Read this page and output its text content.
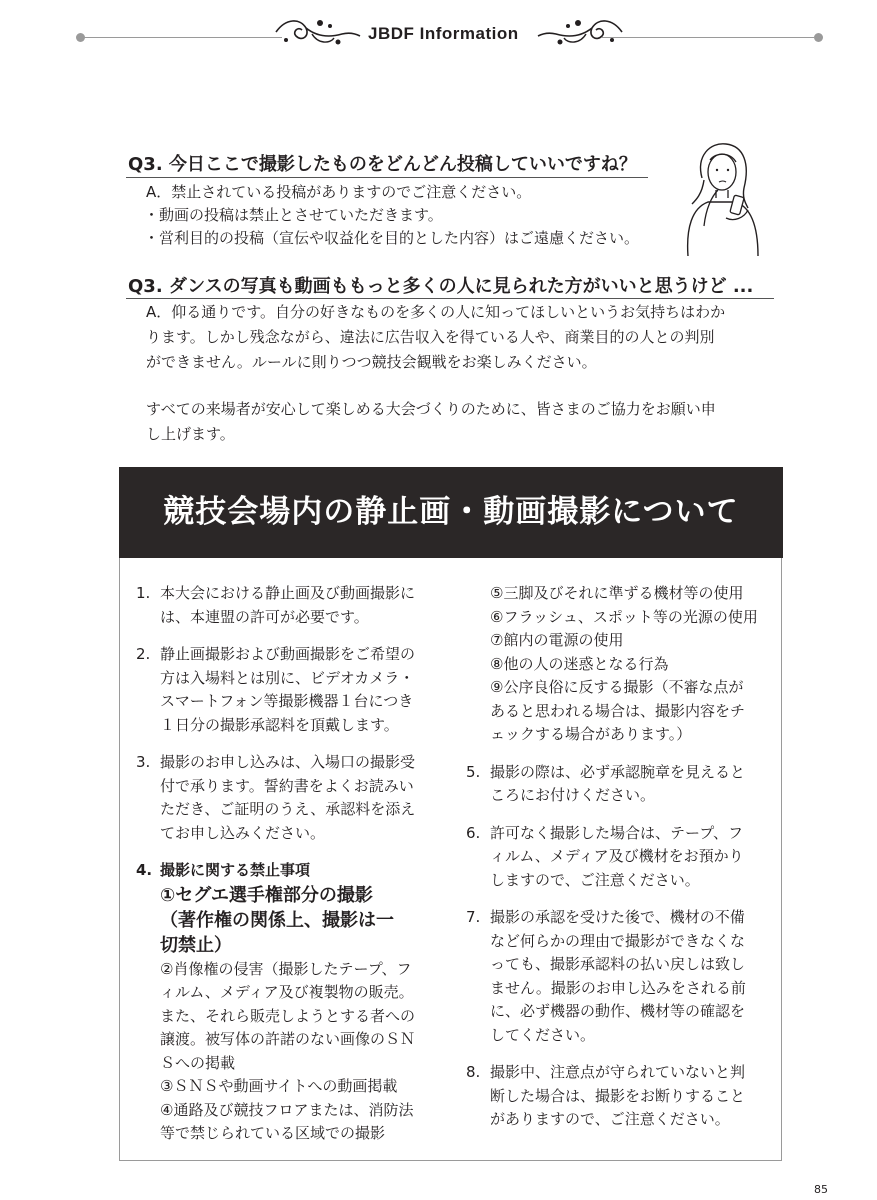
JBDF Information
Q3. 今日ここで撮影したものをどんどん投稿していいですね？
A．禁止されている投稿がありますのでご注意ください。
・動画の投稿は禁止とさせていただきます。
・営利目的の投稿（宣伝や収益化を目的とした内容）はご遠慮ください。
Q3. ダンスの写真も動画ももっと多くの人に見られた方がいいと思うけど ...
A．仰る通りです。自分の好きなものを多くの人に知ってほしいというお気持ちはわか
ります。しかし残念ながら、違法に広告収入を得ている人や、商業目的の人との判別
ができません。ルールに則りつつ競技会観戦をお楽しみください。
すべての来場者が安心して楽しめる大会づくりのために、皆さまのご協力をお願い申
し上げます。
競技会場内の静止画・動画撮影について
1. 本大会における静止画及び動画撮影に
は、本連盟の許可が必要です。
2. 静止画撮影および動画撮影をご希望の
方は入場料とは別に、ビデオカメラ・
スマートフォン等撮影機器１台につき
１日分の撮影承認料を頂戴します。
3. 撮影のお申し込みは、入場口の撮影受
付で承ります。誓約書をよくお読みい
ただき、ご証明のうえ、承認料を添え
てお申し込みください。
4. 撮影に関する禁止事項
①セグエ選手権部分の撮影
（著作権の関係上、撮影は一
切禁止）
②肖像権の侵害（撮影したテープ、フ
ィルム、メディア及び複製物の販売。
また、それら販売しようとする者への
譲渡。被写体の許諾のない画像のＳＮ
Ｓへの掲載
③ＳＮＳや動画サイトへの動画掲載
④通路及び競技フロアまたは、消防法
等で禁じられている区域での撮影
⑤三脚及びそれに準ずる機材等の使用
⑥フラッシュ、スポット等の光源の使用
⑦館内の電源の使用
⑧他の人の迷惑となる行為
⑨公序良俗に反する撮影（不審な点が
あると思われる場合は、撮影内容をチ
ェックする場合があります。）
5. 撮影の際は、必ず承認腕章を見えると
ころにお付けください。
6. 許可なく撮影した場合は、テープ、フ
ィルム、メディア及び機材をお預かり
しますので、ご注意ください。
7. 撮影の承認を受けた後で、機材の不備
など何らかの理由で撮影ができなくな
っても、撮影承認料の払い戻しは致し
ません。撮影のお申し込みをされる前
に、必ず機器の動作、機材等の確認を
してください。
8. 撮影中、注意点が守られていないと判
断した場合は、撮影をお断りすること
がありますので、ご注意ください。
85
